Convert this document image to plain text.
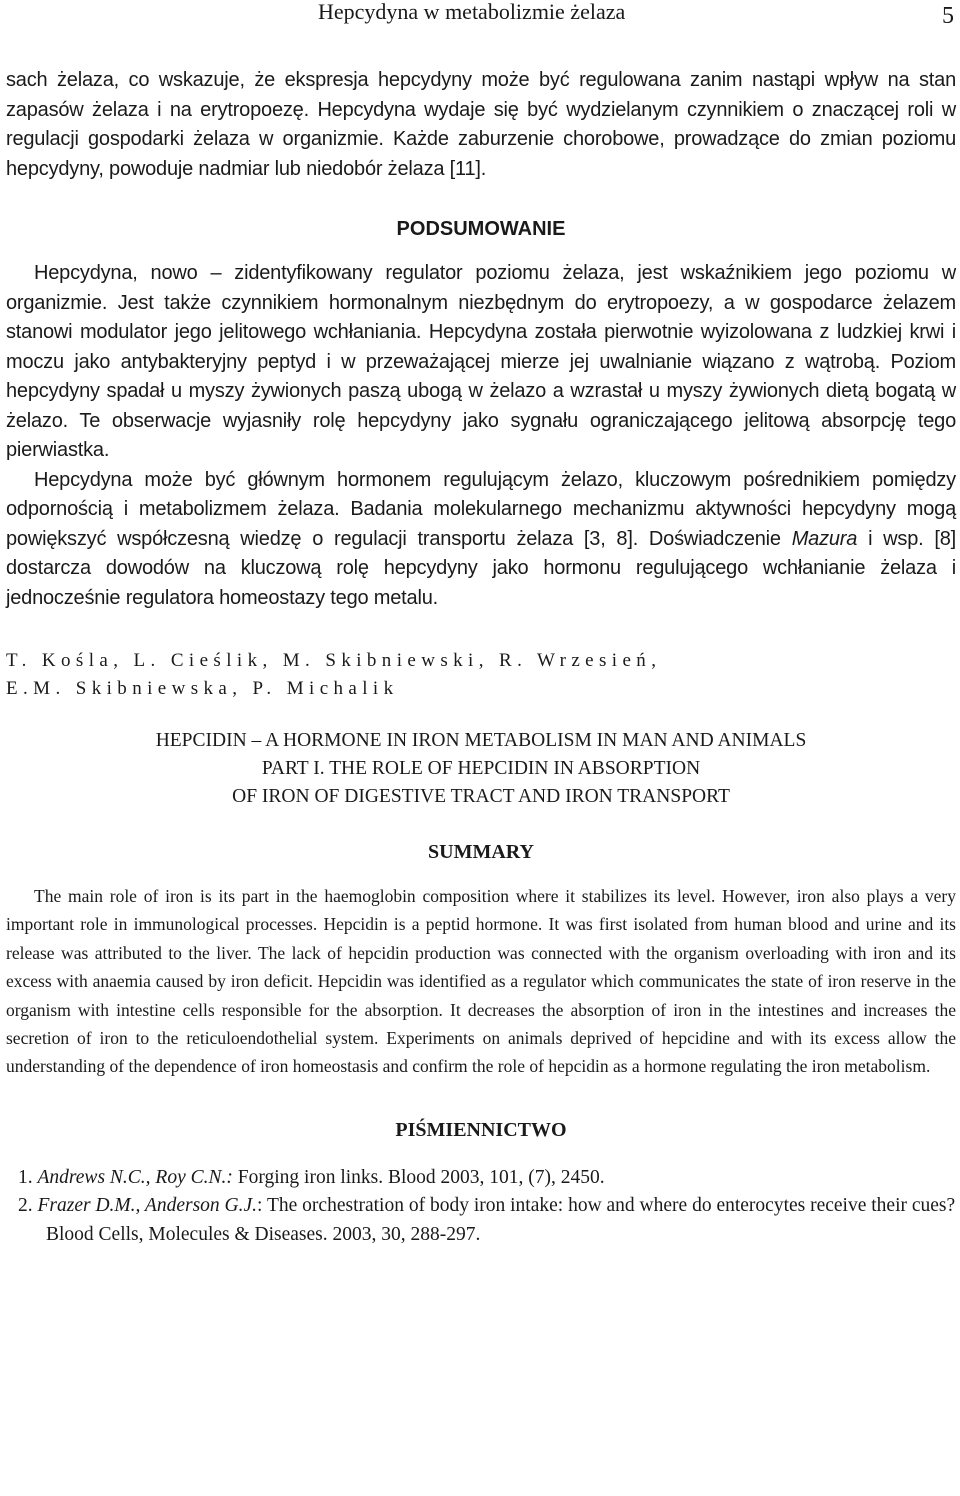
Hepcydyna w metabolizmie żelaza	5

sach żelaza, co wskazuje, że ekspresja hepcydyny może być regulowana zanim nastąpi wpływ na stan zapasów żelaza i na erytropoezę. Hepcydyna wydaje się być wydzielanym czynnikiem o znaczącej roli w regulacji gospodarki żelaza w organizmie. Każde zaburzenie chorobowe, prowadzące do zmian poziomu hepcydyny, powoduje nadmiar lub niedobór żelaza [11].

PODSUMOWANIE

Hepcydyna, nowo – zidentyfikowany regulator poziomu żelaza, jest wskaźnikiem jego poziomu w organizmie. Jest także czynnikiem hormonalnym niezbędnym do erytropoezy, a w gospodarce żelazem stanowi modulator jego jelitowego wchłaniania. Hepcydyna została pierwotnie wyizolowana z ludzkiej krwi i moczu jako antybakteryjny peptyd i w przeważającej mierze jej uwalnianie wiązano z wątrobą. Poziom hepcydyny spadał u myszy żywionych paszą ubogą w żelazo a wzrastał u myszy żywionych dietą bogatą w żelazo. Te obserwacje wyjasniły rolę hepcydyny jako sygnału ograniczającego jelitową absorpcję tego pierwiastka.

Hepcydyna może być głównym hormonem regulującym żelazo, kluczowym pośrednikiem pomiędzy odpornością i metabolizmem żelaza. Badania molekularnego mechanizmu aktywności hepcydyny mogą powiększyć współczesną wiedzę o regulacji transportu żelaza [3, 8]. Doświadczenie Mazura i wsp. [8] dostarcza dowodów na kluczową rolę hepcydyny jako hormonu regulującego wchłanianie żelaza i jednocześnie regulatora homeostazy tego metalu.

T. Kośla, L. Cieślik, M. Skibniewski, R. Wrzesień,

E.M. Skibniewska, P. Michalik

HEPCIDIN – A HORMONE IN IRON METABOLISM IN MAN AND ANIMALS

PART I. THE ROLE OF HEPCIDIN IN ABSORPTION

OF IRON OF DIGESTIVE TRACT AND IRON TRANSPORT

SUMMARY

The main role of iron is its part in the haemoglobin composition where it stabilizes its level. However, iron also plays a very important role in immunological processes. Hepcidin is a peptid hormone. It was first isolated from human blood and urine and its release was attributed to the liver. The lack of hepcidin production was connected with the organism overloading with iron and its excess with anaemia caused by iron deficit. Hepcidin was identified as a regulator which communicates the state of iron reserve in the organism with intestine cells responsible for the absorption. It decreases the absorption of iron in the intestines and increases the secretion of iron to the reticuloendothelial system. Experiments on animals deprived of hepcidine and with its excess allow the understanding of the dependence of iron homeostasis and confirm the role of hepcidin as a hormone regulating the iron metabolism.

PIŚMIENNICTWO

1. Andrews N.C., Roy C.N.: Forging iron links. Blood 2003, 101, (7), 2450.

2. Frazer D.M., Anderson G.J.: The orchestration of body iron intake: how and where do enterocytes receive their cues? Blood Cells, Molecules & Diseases. 2003, 30, 288-297.
